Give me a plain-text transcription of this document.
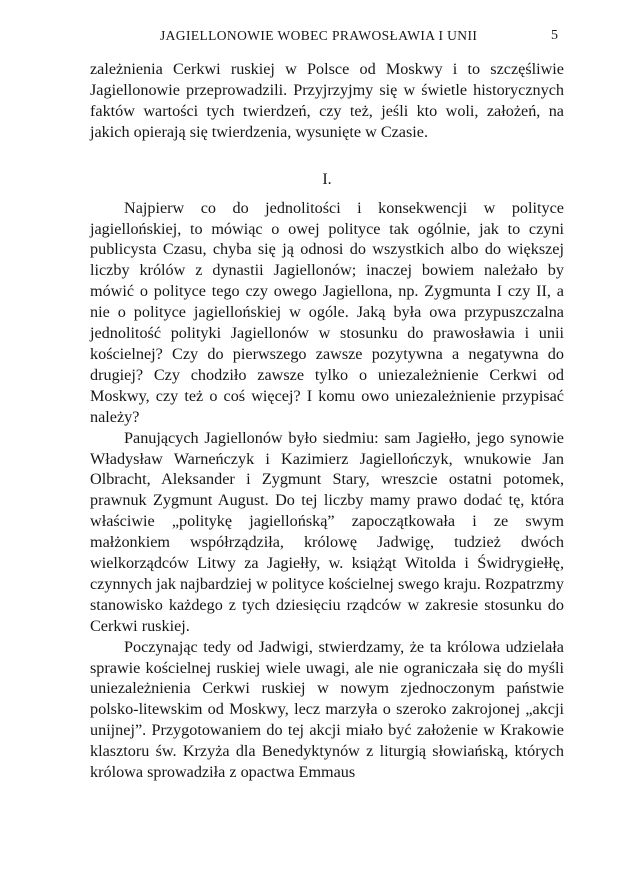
JAGIELLONOWIE WOBEC PRAWOSŁAWIA I UNII	5

zależnienia Cerkwi ruskiej w Polsce od Moskwy i to szczęśliwie Jagiellonowie przeprowadzili. Przyjrzyjmy się w świetle historycznych faktów wartości tych twierdzeń, czy też, jeśli kto woli, założeń, na jakich opierają się twierdzenia, wysunięte w Czasie.

I.

Najpierw co do jednolitości i konsekwencji w polityce jagiellońskiej, to mówiąc o owej polityce tak ogólnie, jak to czyni publicysta Czasu, chyba się ją odnosi do wszystkich albo do większej liczby królów z dynastii Jagiellonów; inaczej bowiem należało by mówić o polityce tego czy owego Jagiellona, np. Zygmunta I czy II, a nie o polityce jagiellońskiej w ogóle. Jaką była owa przypuszczalna jednolitość polityki Jagiellonów w stosunku do prawosławia i unii kościelnej? Czy do pierwszego zawsze pozytywna a negatywna do drugiej? Czy chodziło zawsze tylko o uniezależnienie Cerkwi od Moskwy, czy też o coś więcej? I komu owo uniezależnienie przypisać należy?

Panujących Jagiellonów było siedmiu: sam Jagiełło, jego synowie Władysław Warneńczyk i Kazimierz Jagiellończyk, wnukowie Jan Olbracht, Aleksander i Zygmunt Stary, wreszcie ostatni potomek, prawnuk Zygmunt August. Do tej liczby mamy prawo dodać tę, która właściwie „politykę jagiellońską” zapoczątkowała i ze swym małżonkiem współrządziła, królowę Jadwigę, tudzież dwóch wielkorządców Litwy za Jagiełły, w. książąt Witolda i Świdrygiełłę, czynnych jak najbardziej w polityce kościelnej swego kraju. Rozpatrzmy stanowisko każdego z tych dziesięciu rządców w zakresie stosunku do Cerkwi ruskiej.

Poczynając tedy od Jadwigi, stwierdzamy, że ta królowa udzielała sprawie kościelnej ruskiej wiele uwagi, ale nie ograniczała się do myśli uniezależnienia Cerkwi ruskiej w nowym zjednoczonym państwie polsko-litewskim od Moskwy, lecz marzyła o szeroko zakrojonej „akcji unijnej”. Przygotowaniem do tej akcji miało być założenie w Krakowie klasztoru św. Krzyża dla Benedyktynów z liturgią słowiańską, których królowa sprowadziła z opactwa Emmaus
